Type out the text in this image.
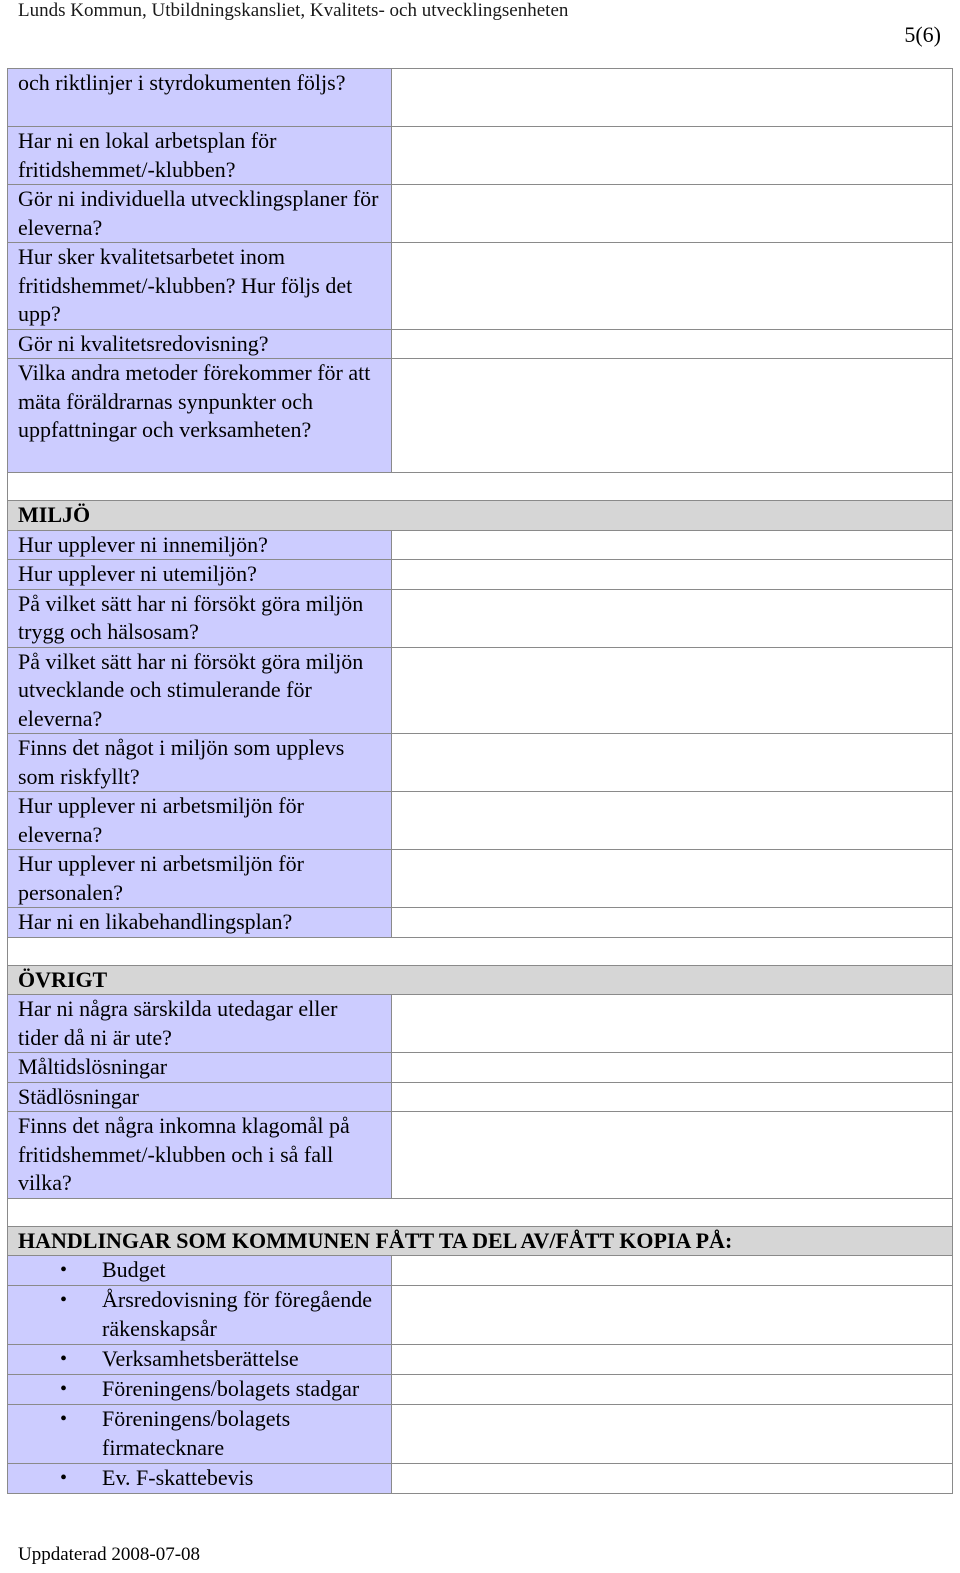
Lunds Kommun, Utbildningskansliet, Kvalitets- och utvecklingsenheten
5(6)
och riktlinjer i styrdokumenten följs?	
Har ni en lokal arbetsplan för fritidshemmet/-klubben?	
Gör ni individuella utvecklingsplaner för eleverna?	
Hur sker kvalitetsarbetet inom fritidshemmet/-klubben? Hur följs det upp?	
Gör ni kvalitetsredovisning?	
Vilka andra metoder förekommer för att mäta föräldrarnas synpunkter och uppfattningar och verksamheten?	

MILJÖ	
Hur upplever ni innemiljön?	
Hur upplever ni utemiljön?	
På vilket sätt har ni försökt göra miljön trygg och hälsosam?	
På vilket sätt har ni försökt göra miljön utvecklande och stimulerande för eleverna?	
Finns det något i miljön som upplevs som riskfyllt?	
Hur upplever ni arbetsmiljön för eleverna?	
Hur upplever ni arbetsmiljön för personalen?	
Har ni en likabehandlingsplan?	

ÖVRIGT	
Har ni några särskilda utedagar eller tider då ni är ute?	
Måltidslösningar	
Städlösningar	
Finns det några inkomna klagomål på fritidshemmet/-klubben och i så fall vilka?	

HANDLINGAR SOM KOMMUNEN FÅTT TA DEL AV/FÅTT KOPIA PÅ:	

• Budget	

• Årsredovisning för föregående räkenskapsår	

• Verksamhetsberättelse	

• Föreningens/bolagets stadgar	

• Föreningens/bolagets firmatecknare	

• Ev. F-skattebevis	

Uppdaterad 2008-07-08
